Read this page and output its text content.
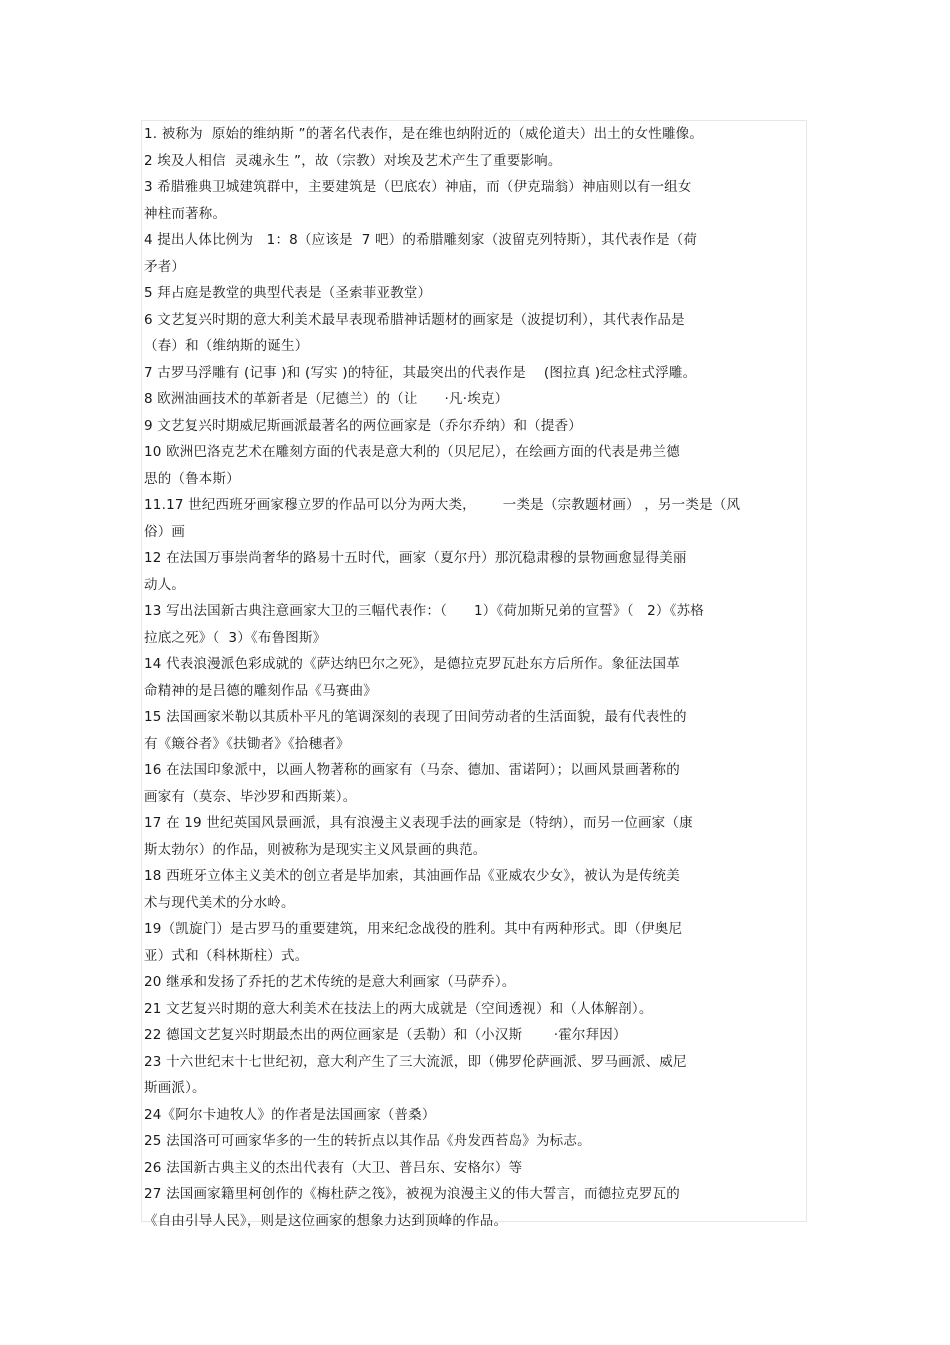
1. 被称为  原始的维纳斯 ”的著名代表作，是在维也纳附近的（威伦道夫）出土的女性雕像。
2 埃及人相信  灵魂永生 ”，故（宗教）对埃及艺术产生了重要影响。
3 希腊雅典卫城建筑群中，主要建筑是（巴底农）神庙，而（伊克瑞翁）神庙则以有一组女
神柱而著称。
4 提出人体比例为   1：8（应该是  7 吧）的希腊雕刻家（波留克列特斯），其代表作是（荷
矛者）
5 拜占庭是教堂的典型代表是（圣索菲亚教堂）
6 文艺复兴时期的意大利美术最早表现希腊神话题材的画家是（波提切利），其代表作品是
（春）和（维纳斯的诞生）
7 古罗马浮雕有 (记事 )和 (写实 )的特征，其最突出的代表作是    (图拉真 )纪念柱式浮雕。
8 欧洲油画技术的革新者是（尼德兰）的（让      ·凡·埃克）
9 文艺复兴时期威尼斯画派最著名的两位画家是（乔尔乔纳）和（提香）
10 欧洲巴洛克艺术在雕刻方面的代表是意大利的（贝尼尼），在绘画方面的代表是弗兰德
思的（鲁本斯）
11.17 世纪西班牙画家穆立罗的作品可以分为两大类，      一类是（宗教题材画） ，另一类是（风
俗）画
12 在法国万事崇尚奢华的路易十五时代，画家（夏尔丹）那沉稳肃穆的景物画愈显得美丽
动人。
13 写出法国新古典注意画家大卫的三幅代表作：（      1）《荷加斯兄弟的宣誓》（   2）《苏格
拉底之死》（  3）《布鲁图斯》
14 代表浪漫派色彩成就的《萨达纳巴尔之死》，是德拉克罗瓦赴东方后所作。象征法国革
命精神的是吕德的雕刻作品《马赛曲》
15 法国画家米勒以其质朴平凡的笔调深刻的表现了田间劳动者的生活面貌，最有代表性的
有《簸谷者》《扶锄者》《拾穗者》
16 在法国印象派中，以画人物著称的画家有（马奈、德加、雷诺阿）；以画风景画著称的
画家有（莫奈、毕沙罗和西斯莱）。
17 在 19 世纪英国风景画派，具有浪漫主义表现手法的画家是（特纳），而另一位画家（康
斯太勃尔）的作品，则被称为是现实主义风景画的典范。
18 西班牙立体主义美术的创立者是毕加索，其油画作品《亚威农少女》，被认为是传统美
术与现代美术的分水岭。
19（凯旋门）是古罗马的重要建筑，用来纪念战役的胜利。其中有两种形式。即（伊奥尼
亚）式和（科林斯柱）式。
20 继承和发扬了乔托的艺术传统的是意大利画家（马萨乔）。
21 文艺复兴时期的意大利美术在技法上的两大成就是（空间透视）和（人体解剖）。
22 德国文艺复兴时期最杰出的两位画家是（丢勒）和（小汉斯       ·霍尔拜因）
23 十六世纪末十七世纪初，意大利产生了三大流派，即（佛罗伦萨画派、罗马画派、威尼
斯画派）。
24《阿尔卡迪牧人》的作者是法国画家（普桑）
25 法国洛可可画家华多的一生的转折点以其作品《舟发西苔岛》为标志。
26 法国新古典主义的杰出代表有（大卫、普吕东、安格尔）等
27 法国画家籍里柯创作的《梅杜萨之筏》，被视为浪漫主义的伟大誓言，而德拉克罗瓦的
《自由引导人民》，则是这位画家的想象力达到顶峰的作品。
